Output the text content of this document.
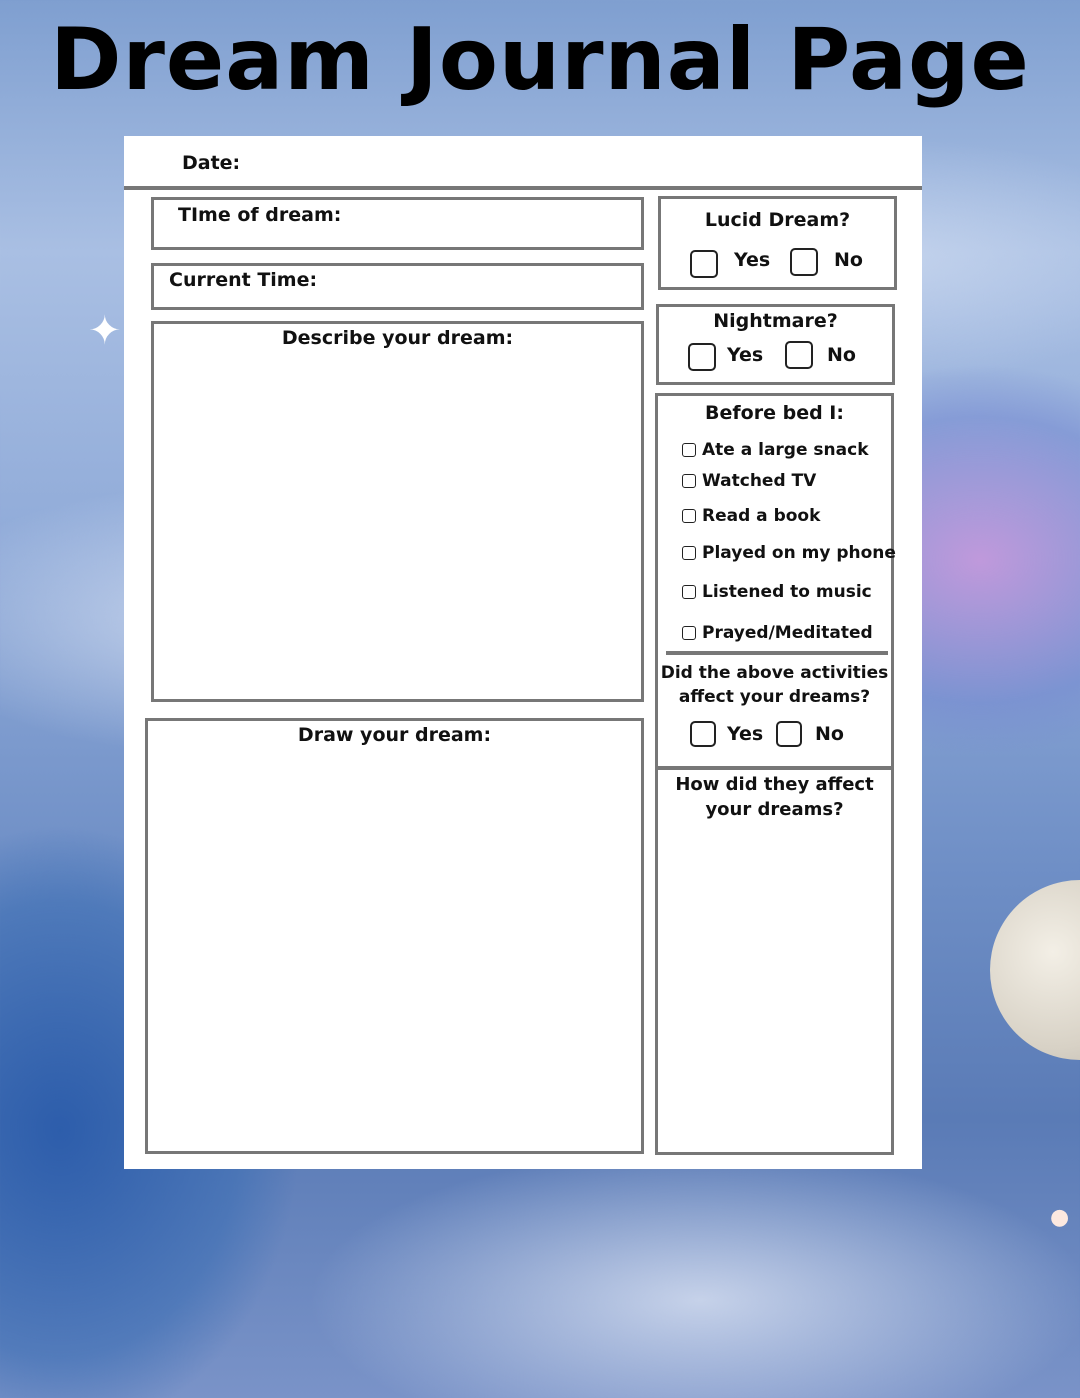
✦
●
Dream Journal Page
Date:
TIme of dream:
Current Time:
Describe your dream:
Draw your dream:
Lucid Dream?
Yes	No
Nightmare?
Yes	No
Before bed I:
Ate a large snack
Watched TV
Read a book
Played on my phone
Listened to music
Prayed/Meditated
Did the above activities
affect your dreams?
Yes	No
How did they affect
your dreams?
